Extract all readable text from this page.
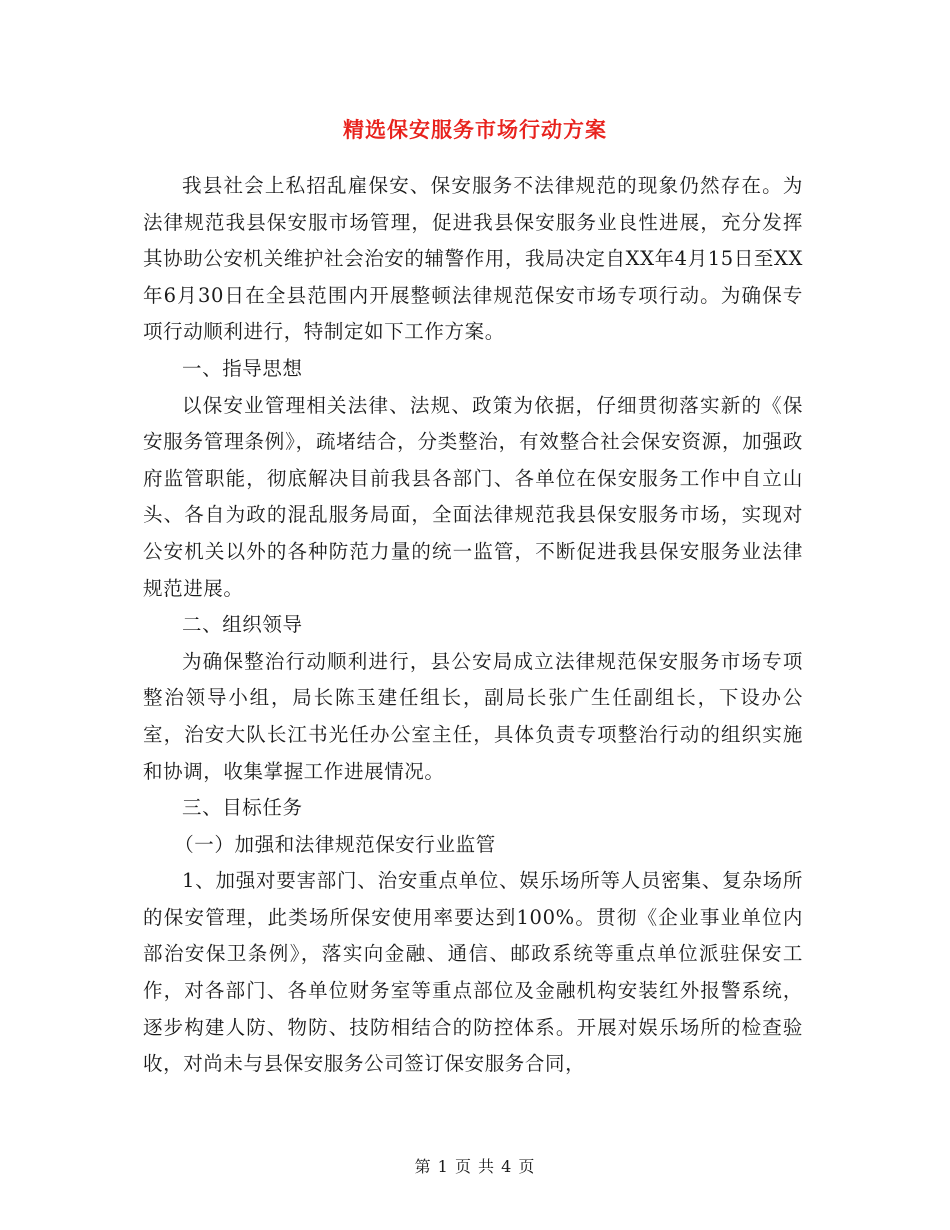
精选保安服务市场行动方案

我县社会上私招乱雇保安、保安服务不法律规范的现象仍然存在。为法律规范我县保安服市场管理，促进我县保安服务业良性进展，充分发挥其协助公安机关维护社会治安的辅警作用，我局决定自XX年4月15日至XX年6月30日在全县范围内开展整顿法律规范保安市场专项行动。为确保专项行动顺利进行，特制定如下工作方案。

一、指导思想

以保安业管理相关法律、法规、政策为依据，仔细贯彻落实新的《保安服务管理条例》，疏堵结合，分类整治，有效整合社会保安资源，加强政府监管职能，彻底解决目前我县各部门、各单位在保安服务工作中自立山头、各自为政的混乱服务局面，全面法律规范我县保安服务市场，实现对公安机关以外的各种防范力量的统一监管，不断促进我县保安服务业法律规范进展。

二、组织领导

为确保整治行动顺利进行，县公安局成立法律规范保安服务市场专项整治领导小组，局长陈玉建任组长，副局长张广生任副组长，下设办公室，治安大队长江书光任办公室主任，具体负责专项整治行动的组织实施和协调，收集掌握工作进展情况。

三、目标任务

（一）加强和法律规范保安行业监管

1、加强对要害部门、治安重点单位、娱乐场所等人员密集、复杂场所的保安管理，此类场所保安使用率要达到100%。贯彻《企业事业单位内部治安保卫条例》，落实向金融、通信、邮政系统等重点单位派驻保安工作，对各部门、各单位财务室等重点部位及金融机构安装红外报警系统，逐步构建人防、物防、技防相结合的防控体系。开展对娱乐场所的检查验收，对尚未与县保安服务公司签订保安服务合同，

第 1 页 共 4 页
